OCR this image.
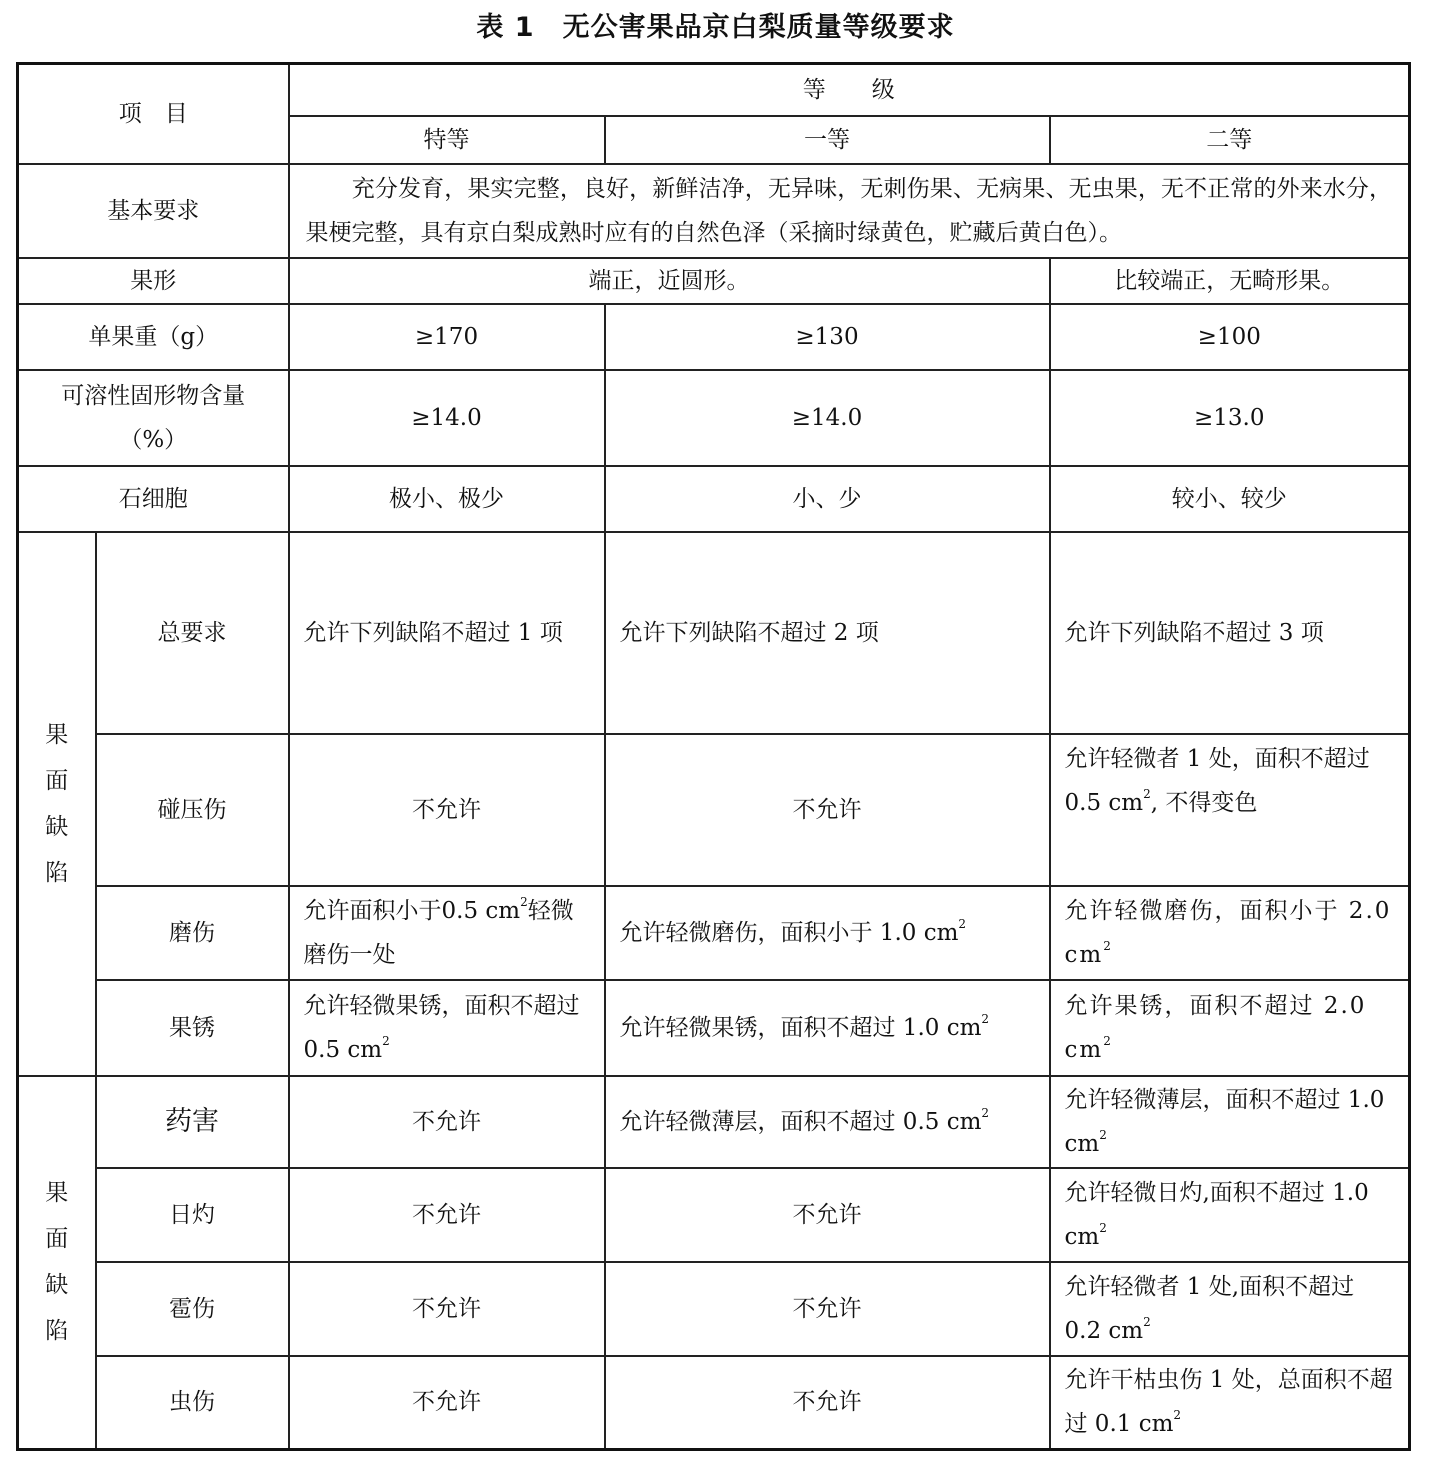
表 1　无公害果品京白梨质量等级要求
项　目		等　　级		
		特等	一等	二等
基本要求		　　充分发育，果实完整，良好，新鲜洁净，无异味，无刺伤果、无病果、无虫果，无不正常的外来水分，果梗完整，具有京白梨成熟时应有的自然色泽（采摘时绿黄色，贮藏后黄白色）。		
果形		端正，近圆形。		比较端正，无畸形果。
单果重（g）		≥170	≥130	≥100

可溶性固形物含量
（%）		≥14.0	≥14.0	≥13.0
石细胞		极小、极少	小、少	较小、较少

果
面
缺
陷	总要求	允许下列缺陷不超过 1 项	允许下列缺陷不超过 2 项	允许下列缺陷不超过 3 项
	碰压伤	不允许	不允许	允许轻微者 1 处，面积不超过 0.5 $cm^2$, 不得变色
	磨伤	允许面积小于0.5 $cm^2$轻微磨伤一处	允许轻微磨伤，面积小于 1.0 $cm^2$	允许轻微磨伤，面积小于 2.0 $cm^2$
	果锈	允许轻微果锈，面积不超过 0.5 $cm^2$	允许轻微果锈，面积不超过 1.0 $cm^2$	允许果锈，面积不超过 2.0 $cm^2$

果
面
缺
陷	药害	不允许	允许轻微薄层，面积不超过 0.5 $cm^2$	允许轻微薄层，面积不超过 1.0 $cm^2$
	日灼	不允许	不允许	允许轻微日灼,面积不超过 1.0 $cm^2$
	雹伤	不允许	不允许	允许轻微者 1 处,面积不超过 0.2 $cm^2$
	虫伤	不允许	不允许	允许干枯虫伤 1 处，总面积不超过 0.1 $cm^2$
